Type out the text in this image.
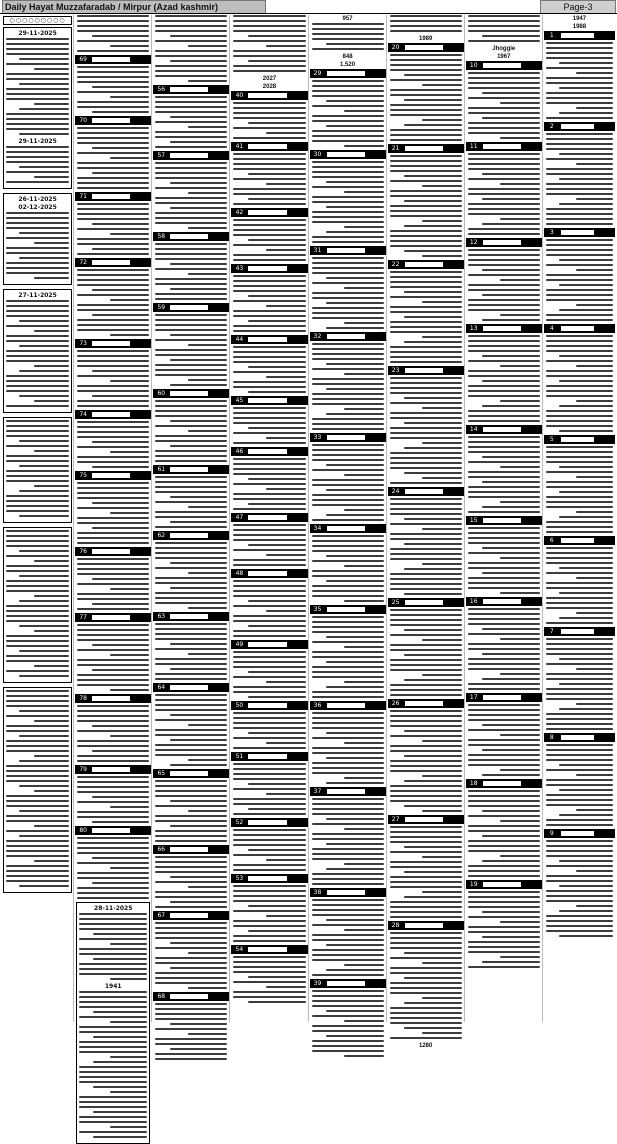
Daily Hayat Muzzafaradab / Mirpur (Azad kashmir)	Page-3
○○○○○○○○○
29-11-2025
29-11-2025
26-11-2025
02-12-2025
27-11-2025
69
70
71
72
73
74
75
76
77
78
79
80
28-11-2025
1941
56
57
58
59
60
61
62
63
64
65
66
67
68
2027
2028
40
41
42
43
44
45
46
47
48
49
50
51
52
53
54
957
848
1.520
29
30
31
32
33
34
35
36
37
38
39
1989
20
21
22
23
24
25
26
27
28
1280
Jhoggie
1967
10
11
12
13
14
15
16
17
18
19
1947
1988
1
2
3
4
5
6
7
8
9
